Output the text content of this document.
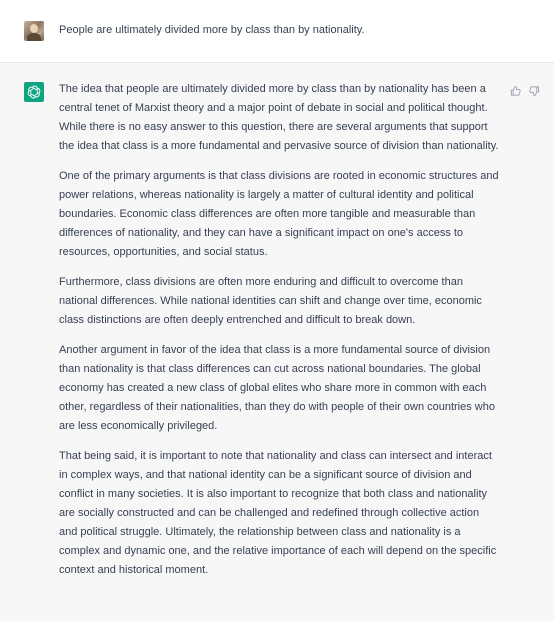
People are ultimately divided more by class than by nationality.

The idea that people are ultimately divided more by class than by nationality has been a central tenet of Marxist theory and a major point of debate in social and political thought. While there is no easy answer to this question, there are several arguments that support the idea that class is a more fundamental and pervasive source of division than nationality.

One of the primary arguments is that class divisions are rooted in economic structures and power relations, whereas nationality is largely a matter of cultural identity and political boundaries. Economic class differences are often more tangible and measurable than differences of nationality, and they can have a significant impact on one's access to resources, opportunities, and social status.

Furthermore, class divisions are often more enduring and difficult to overcome than national differences. While national identities can shift and change over time, economic class distinctions are often deeply entrenched and difficult to break down.

Another argument in favor of the idea that class is a more fundamental source of division than nationality is that class differences can cut across national boundaries. The global economy has created a new class of global elites who share more in common with each other, regardless of their nationalities, than they do with people of their own countries who are less economically privileged.

That being said, it is important to note that nationality and class can intersect and interact in complex ways, and that national identity can be a significant source of division and conflict in many societies. It is also important to recognize that both class and nationality are socially constructed and can be challenged and redefined through collective action and political struggle. Ultimately, the relationship between class and nationality is a complex and dynamic one, and the relative importance of each will depend on the specific context and historical moment.
